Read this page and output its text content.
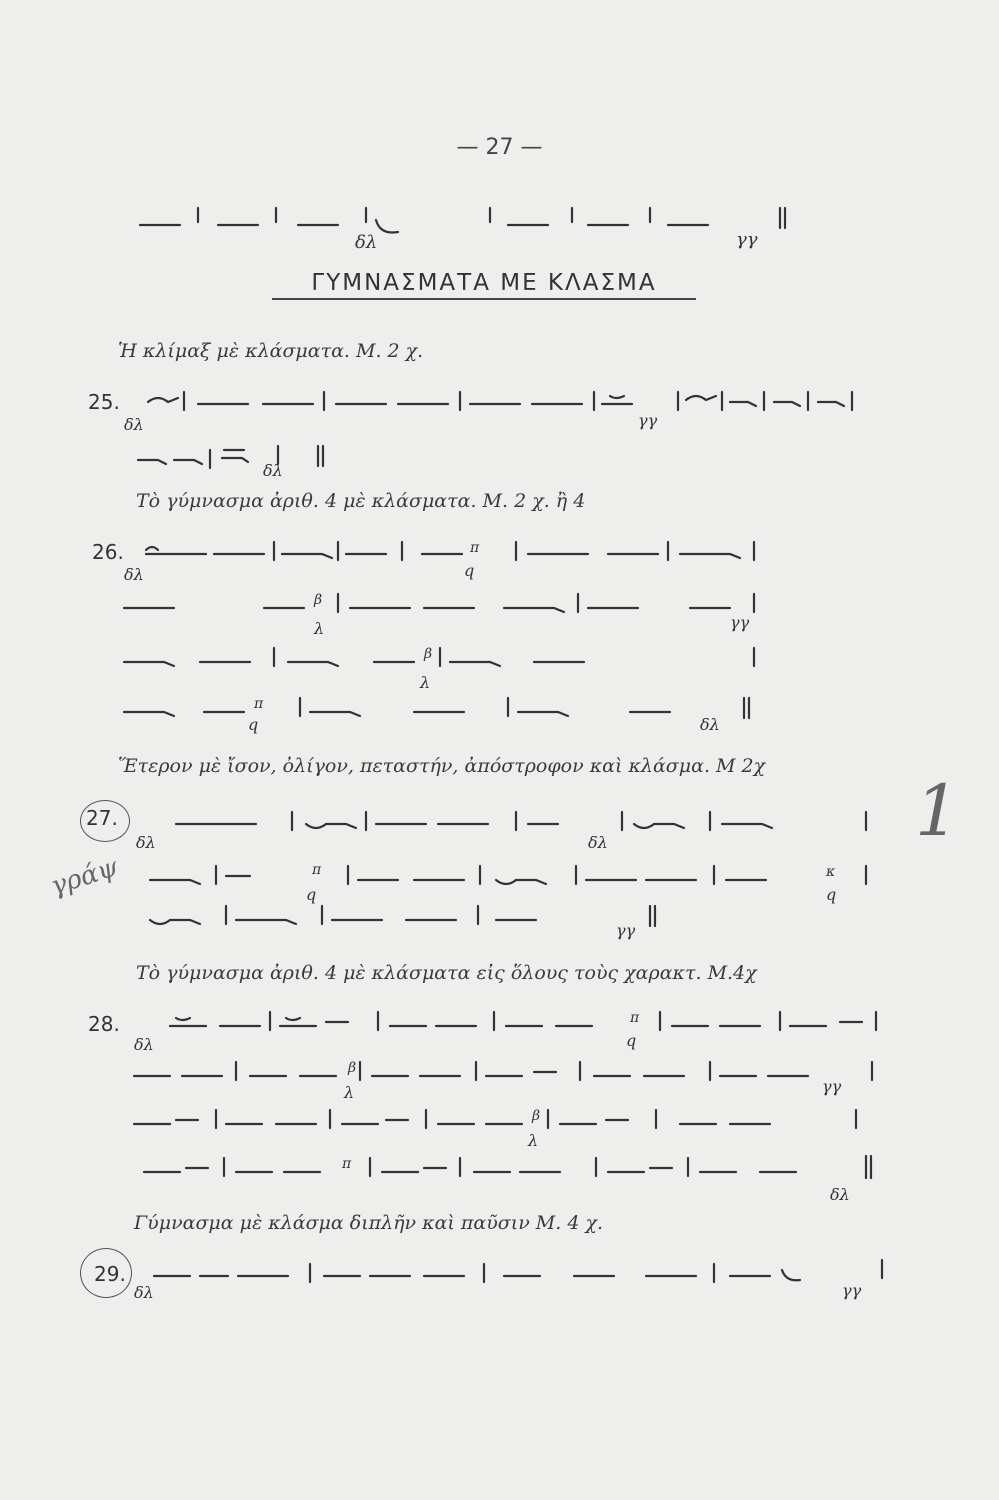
— 27 —
δλ	γγ
ΓΥΜΝΑΣΜΑΤΑ ΜΕ ΚΛΑΣΜΑ
Ἡ κλίμαξ μὲ κλάσματα. Μ. 2 χ.
25.
δλ	γγ
δλ
Τὸ γύμνασμα ἀριθ. 4 μὲ κλάσματα. Μ. 2 χ. ἢ 4
26.	π
δλ	q
β
λ	γγ
β
λ
π
q	δλ
Ἕτερον μὲ ἴσον, ὀλίγον, πεταστήν, ἀπόστροφον καὶ κλάσμα. Μ 2χ
27.	1
γράψ
δλ	δλ
π	κ
q	q
γγ
Τὸ γύμνασμα ἀριθ. 4 μὲ κλάσματα εἰς ὅλους τοὺς χαρακτ. Μ.4χ
28.	π
δλ	q
β
λ	γγ
β
λ
π
δλ
Γύμνασμα μὲ κλάσμα διπλῆν καὶ παῦσιν Μ. 4 χ.
29.
δλ	γγ
